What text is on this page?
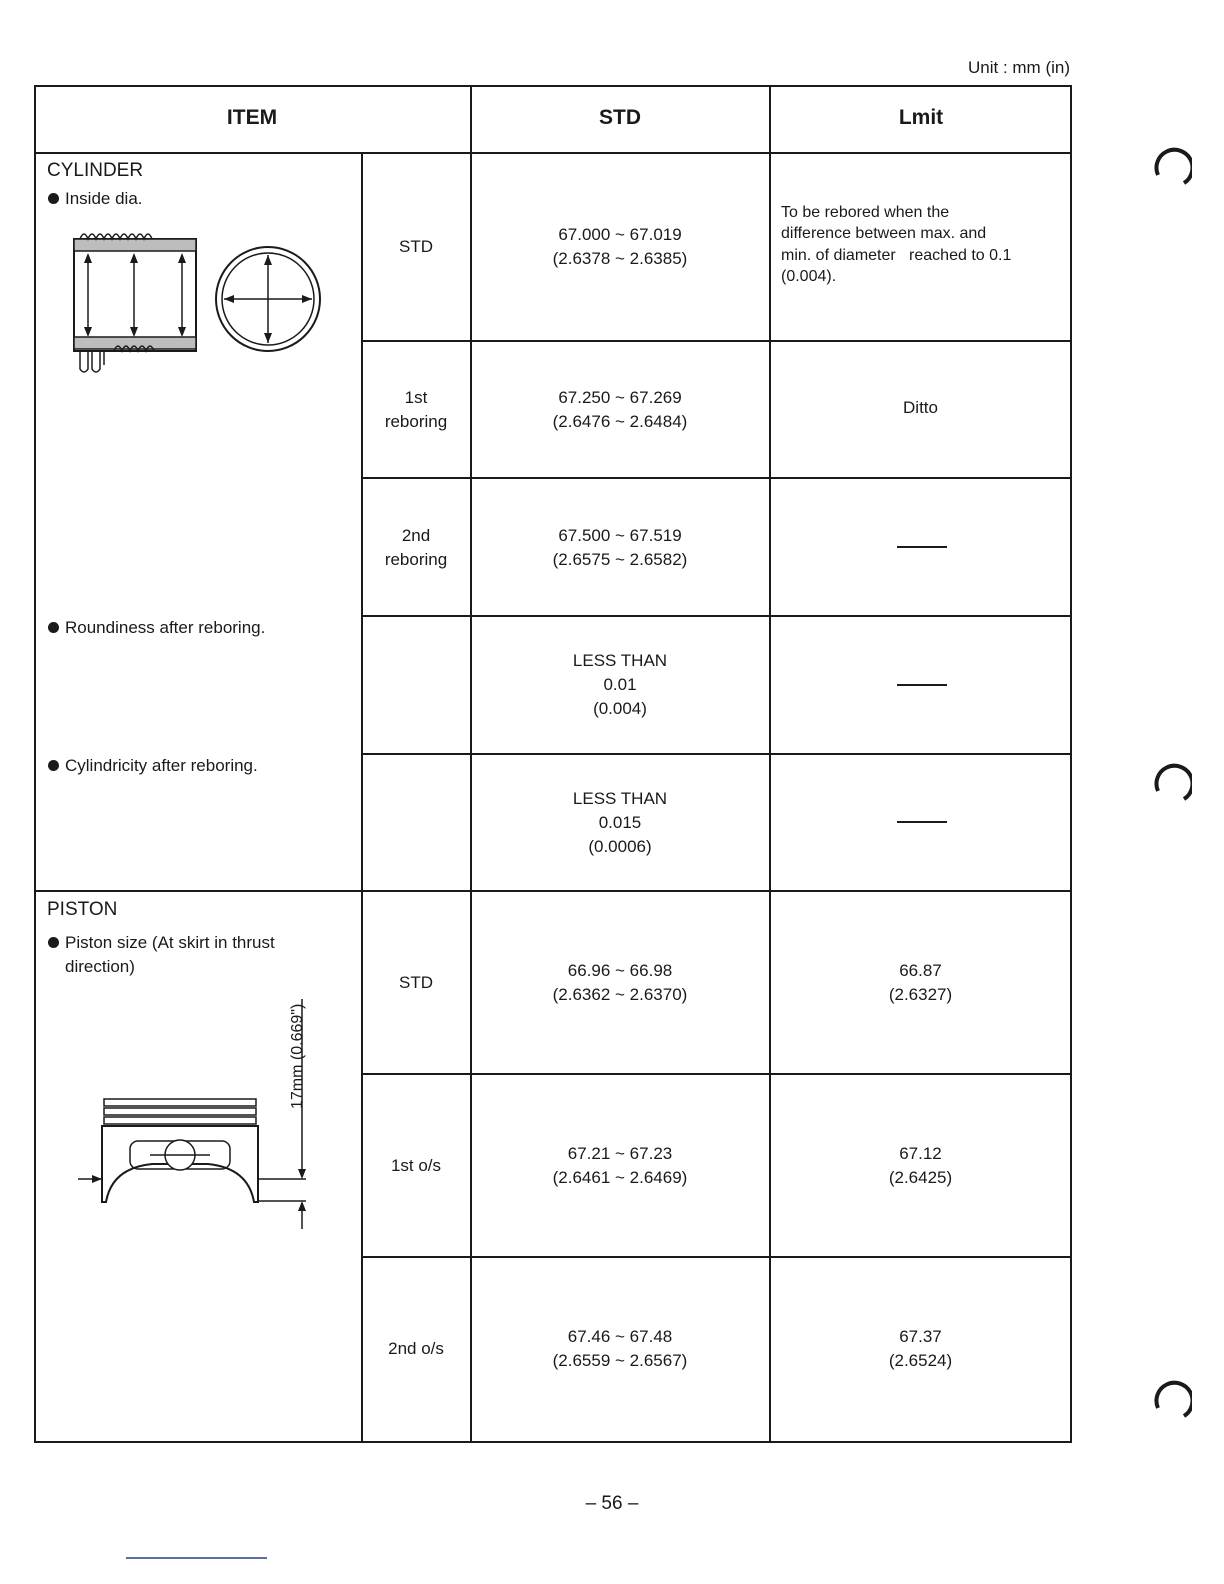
Unit : mm (in)
ITEM	STD	Lmit
CYLINDER
Inside dia.
Roundiness after reboring.
Cylindricity after reboring.
STD
67.000 ~ 67.019
(2.6378 ~ 2.6385)
To be rebored when the
difference between max. and
min. of diameter   reached to 0.1
(0.004).
1st
reboring
67.250 ~ 67.269
(2.6476 ~ 2.6484)
Ditto
2nd
reboring
67.500 ~ 67.519
(2.6575 ~ 2.6582)
LESS THAN
0.01
(0.004)
LESS THAN
0.015
(0.0006)
PISTON
Piston size (At skirt in thrust
direction)
17mm (0.669")
STD
66.96 ~ 66.98
(2.6362 ~ 2.6370)
66.87
(2.6327)
1st o/s
67.21 ~ 67.23
(2.6461 ~ 2.6469)
67.12
(2.6425)
2nd o/s
67.46 ~ 67.48
(2.6559 ~ 2.6567)
67.37
(2.6524)
– 56 –
